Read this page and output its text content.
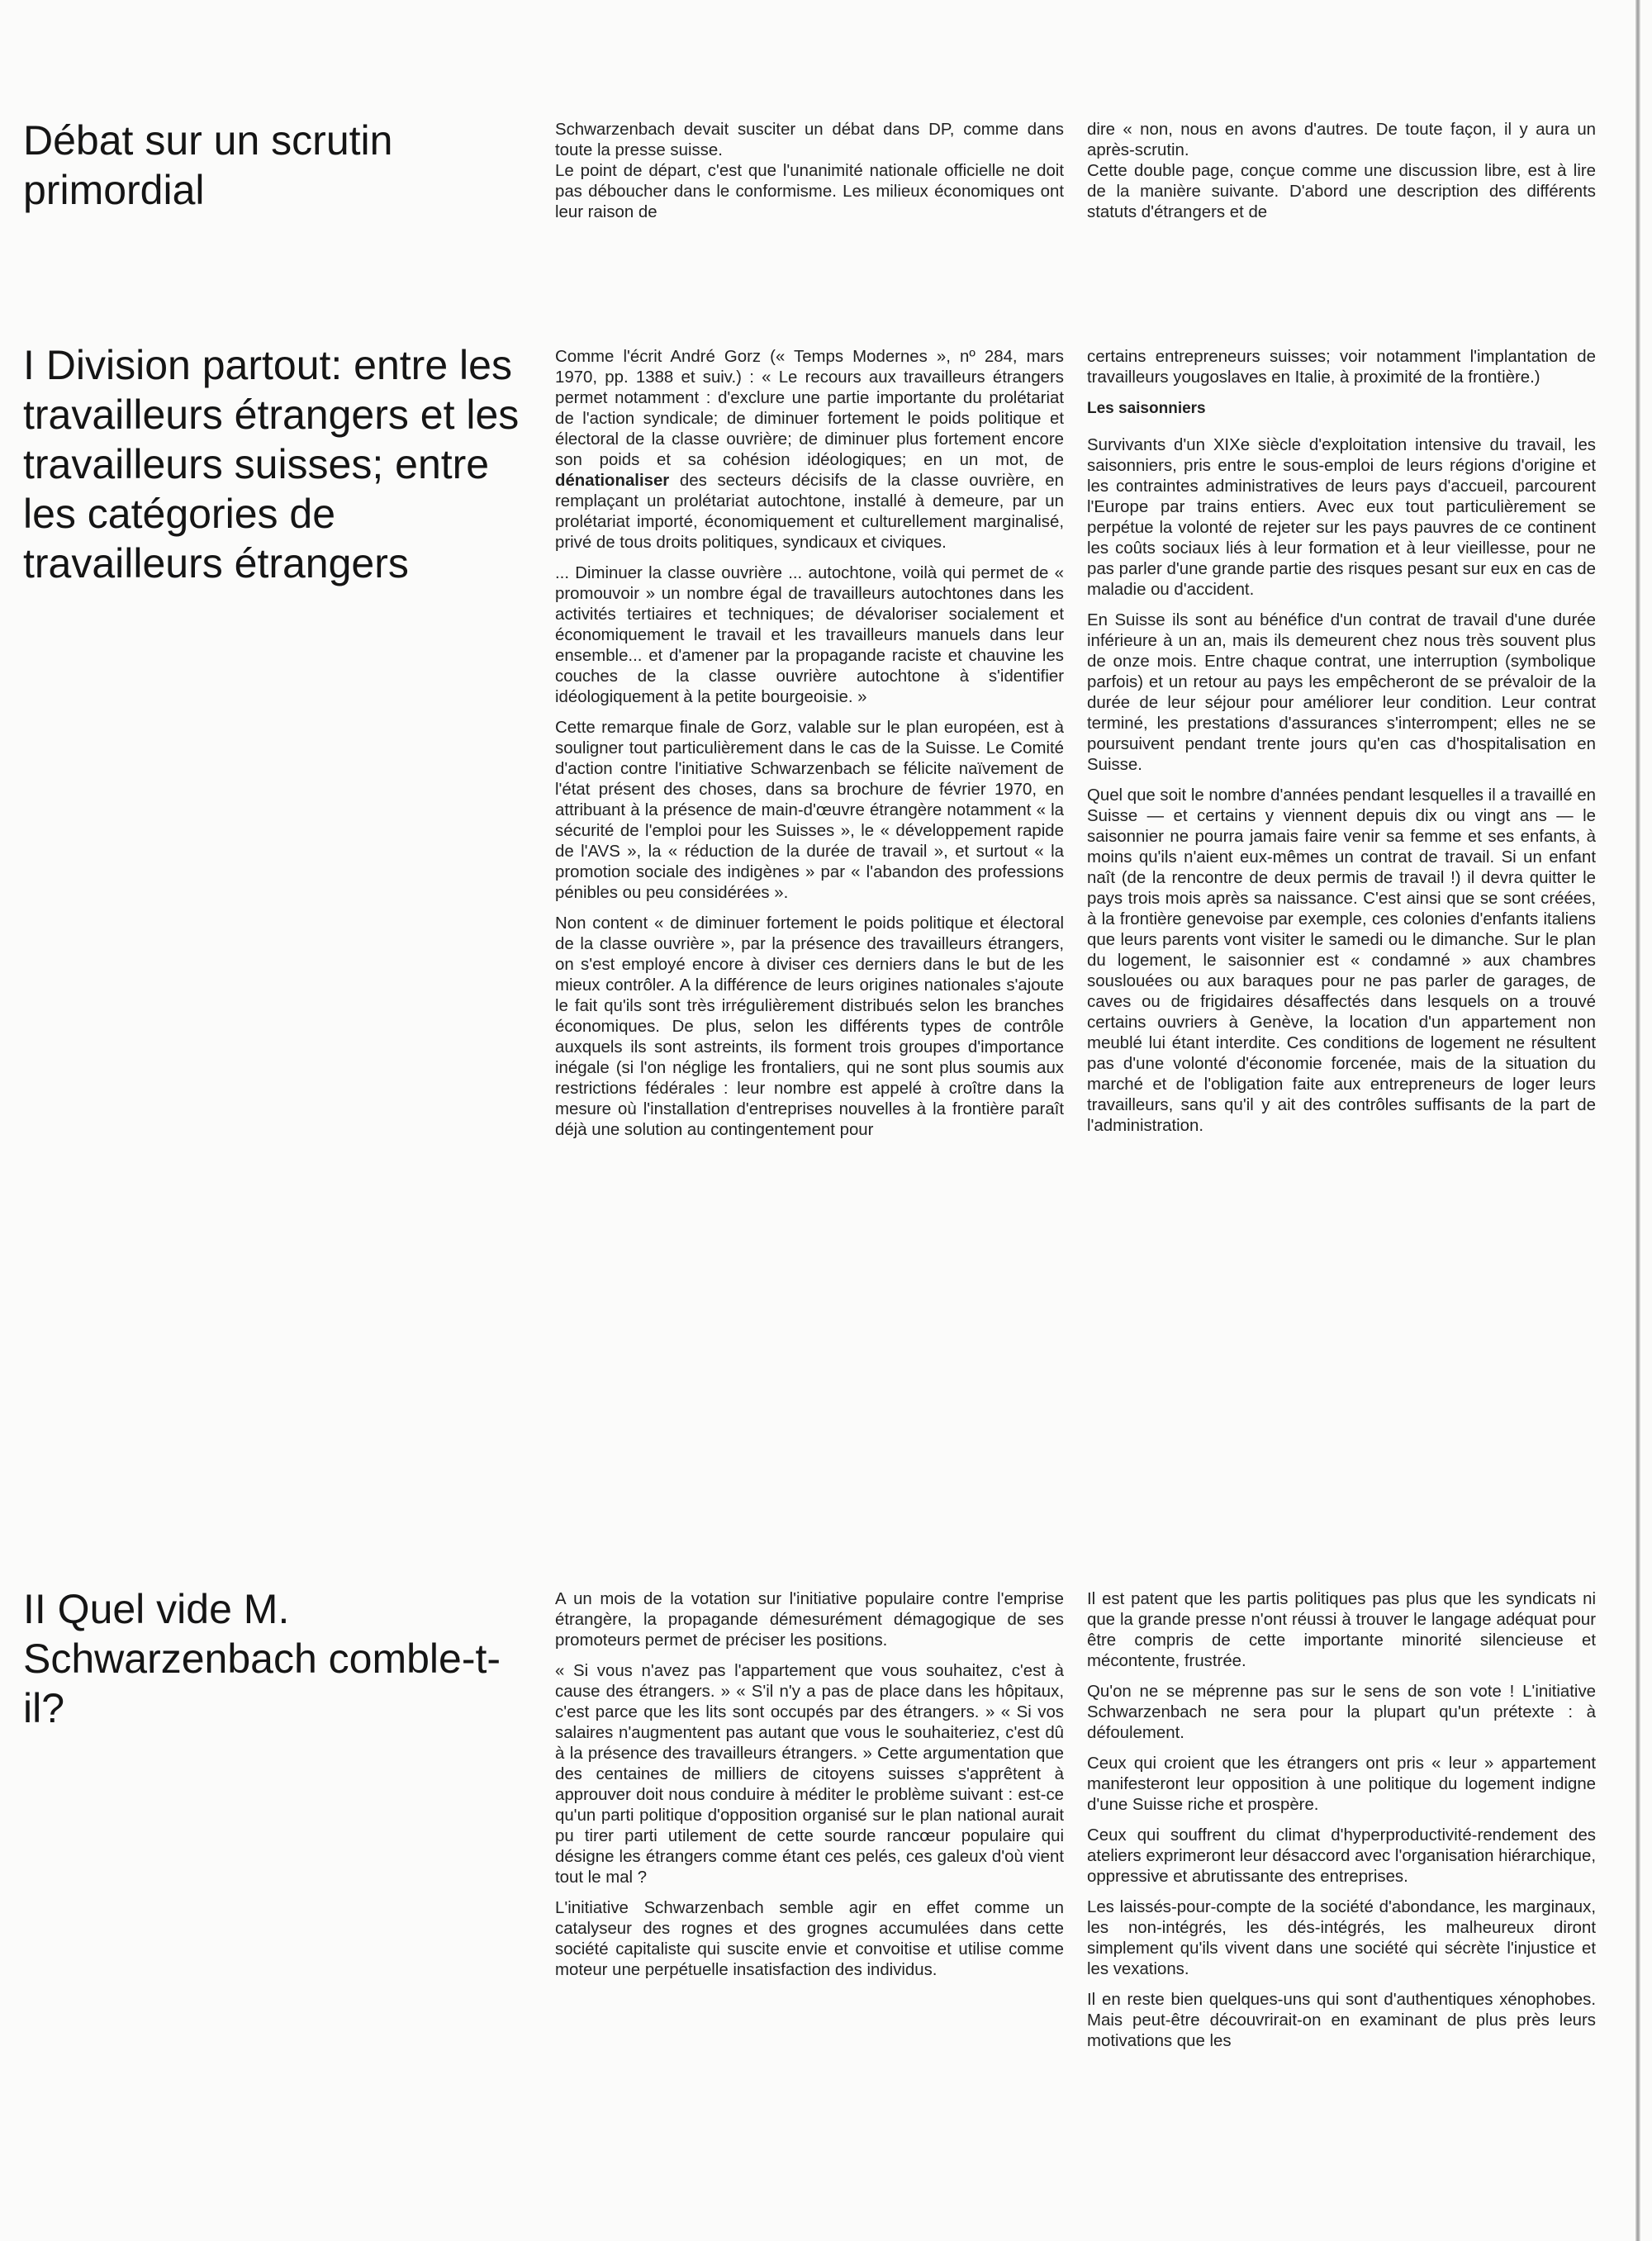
Débat sur un scrutin primordial

Schwarzenbach devait susciter un débat dans DP, comme dans toute la presse suisse.

Le point de départ, c'est que l'unanimité nationale officielle ne doit pas déboucher dans le conformisme. Les milieux économiques ont leur raison de

dire « non, nous en avons d'autres. De toute façon, il y aura un après-scrutin.

Cette double page, conçue comme une discussion libre, est à lire de la manière suivante. D'abord une description des différents statuts d'étrangers et de

I Division partout: entre les travailleurs étrangers et les travailleurs suisses; entre les catégories de travailleurs étrangers

Comme l'écrit André Gorz (« Temps Modernes », nº 284, mars 1970, pp. 1388 et suiv.) : « Le recours aux travailleurs étrangers permet notamment : d'exclure une partie importante du prolétariat de l'action syndicale; de diminuer fortement le poids politique et électoral de la classe ouvrière; de diminuer plus fortement encore son poids et sa cohésion idéologiques; en un mot, de dénationaliser des secteurs décisifs de la classe ouvrière, en remplaçant un prolétariat autochtone, installé à demeure, par un prolétariat importé, économiquement et culturellement marginalisé, privé de tous droits politiques, syndicaux et civiques.

... Diminuer la classe ouvrière ... autochtone, voilà qui permet de « promouvoir » un nombre égal de travailleurs autochtones dans les activités tertiaires et techniques; de dévaloriser socialement et économiquement le travail et les travailleurs manuels dans leur ensemble... et d'amener par la propagande raciste et chauvine les couches de la classe ouvrière autochtone à s'identifier idéologiquement à la petite bourgeoisie. »

Cette remarque finale de Gorz, valable sur le plan européen, est à souligner tout particulièrement dans le cas de la Suisse. Le Comité d'action contre l'initiative Schwarzenbach se félicite naïvement de l'état présent des choses, dans sa brochure de février 1970, en attribuant à la présence de main-d'œuvre étrangère notamment « la sécurité de l'emploi pour les Suisses », le « développement rapide de l'AVS », la « réduction de la durée de travail », et surtout « la promotion sociale des indigènes » par « l'abandon des professions pénibles ou peu considérées ».

Non content « de diminuer fortement le poids politique et électoral de la classe ouvrière », par la présence des travailleurs étrangers, on s'est employé encore à diviser ces derniers dans le but de les mieux contrôler. A la différence de leurs origines nationales s'ajoute le fait qu'ils sont très irrégulièrement distribués selon les branches économiques. De plus, selon les différents types de contrôle auxquels ils sont astreints, ils forment trois groupes d'importance inégale (si l'on néglige les frontaliers, qui ne sont plus soumis aux restrictions fédérales : leur nombre est appelé à croître dans la mesure où l'installation d'entreprises nouvelles à la frontière paraît déjà une solution au contingentement pour

certains entrepreneurs suisses; voir notamment l'implantation de travailleurs yougoslaves en Italie, à proximité de la frontière.)

Les saisonniers

Survivants d'un XIXe siècle d'exploitation intensive du travail, les saisonniers, pris entre le sous-emploi de leurs régions d'origine et les contraintes administratives de leurs pays d'accueil, parcourent l'Europe par trains entiers. Avec eux tout particulièrement se perpétue la volonté de rejeter sur les pays pauvres de ce continent les coûts sociaux liés à leur formation et à leur vieillesse, pour ne pas parler d'une grande partie des risques pesant sur eux en cas de maladie ou d'accident.

En Suisse ils sont au bénéfice d'un contrat de travail d'une durée inférieure à un an, mais ils demeurent chez nous très souvent plus de onze mois. Entre chaque contrat, une interruption (symbolique parfois) et un retour au pays les empêcheront de se prévaloir de la durée de leur séjour pour améliorer leur condition. Leur contrat terminé, les prestations d'assurances s'interrompent; elles ne se poursuivent pendant trente jours qu'en cas d'hospitalisation en Suisse.

Quel que soit le nombre d'années pendant lesquelles il a travaillé en Suisse — et certains y viennent depuis dix ou vingt ans — le saisonnier ne pourra jamais faire venir sa femme et ses enfants, à moins qu'ils n'aient eux-mêmes un contrat de travail. Si un enfant naît (de la rencontre de deux permis de travail !) il devra quitter le pays trois mois après sa naissance. C'est ainsi que se sont créées, à la frontière genevoise par exemple, ces colonies d'enfants italiens que leurs parents vont visiter le samedi ou le dimanche. Sur le plan du logement, le saisonnier est « condamné » aux chambres souslouées ou aux baraques pour ne pas parler de garages, de caves ou de frigidaires désaffectés dans lesquels on a trouvé certains ouvriers à Genève, la location d'un appartement non meublé lui étant interdite. Ces conditions de logement ne résultent pas d'une volonté d'économie forcenée, mais de la situation du marché et de l'obligation faite aux entrepreneurs de loger leurs travailleurs, sans qu'il y ait des contrôles suffisants de la part de l'administration.

II Quel vide M. Schwarzenbach comble-t-il?

A un mois de la votation sur l'initiative populaire contre l'emprise étrangère, la propagande démesurément démagogique de ses promoteurs permet de préciser les positions.

« Si vous n'avez pas l'appartement que vous souhaitez, c'est à cause des étrangers. » « S'il n'y a pas de place dans les hôpitaux, c'est parce que les lits sont occupés par des étrangers. » « Si vos salaires n'augmentent pas autant que vous le souhaiteriez, c'est dû à la présence des travailleurs étrangers. » Cette argumentation que des centaines de milliers de citoyens suisses s'apprêtent à approuver doit nous conduire à méditer le problème suivant : est-ce qu'un parti politique d'opposition organisé sur le plan national aurait pu tirer parti utilement de cette sourde rancœur populaire qui désigne les étrangers comme étant ces pelés, ces galeux d'où vient tout le mal ?

L'initiative Schwarzenbach semble agir en effet comme un catalyseur des rognes et des grognes accumulées dans cette société capitaliste qui suscite envie et convoitise et utilise comme moteur une perpétuelle insatisfaction des individus.

Il est patent que les partis politiques pas plus que les syndicats ni que la grande presse n'ont réussi à trouver le langage adéquat pour être compris de cette importante minorité silencieuse et mécontente, frustrée.

Qu'on ne se méprenne pas sur le sens de son vote ! L'initiative Schwarzenbach ne sera pour la plupart qu'un prétexte : à défoulement.

Ceux qui croient que les étrangers ont pris « leur » appartement manifesteront leur opposition à une politique du logement indigne d'une Suisse riche et prospère.

Ceux qui souffrent du climat d'hyperproductivité-rendement des ateliers exprimeront leur désaccord avec l'organisation hiérarchique, oppressive et abrutissante des entreprises.

Les laissés-pour-compte de la société d'abondance, les marginaux, les non-intégrés, les dés-intégrés, les malheureux diront simplement qu'ils vivent dans une société qui sécrète l'injustice et les vexations.

Il en reste bien quelques-uns qui sont d'authentiques xénophobes. Mais peut-être découvrirait-on en examinant de plus près leurs motivations que les
